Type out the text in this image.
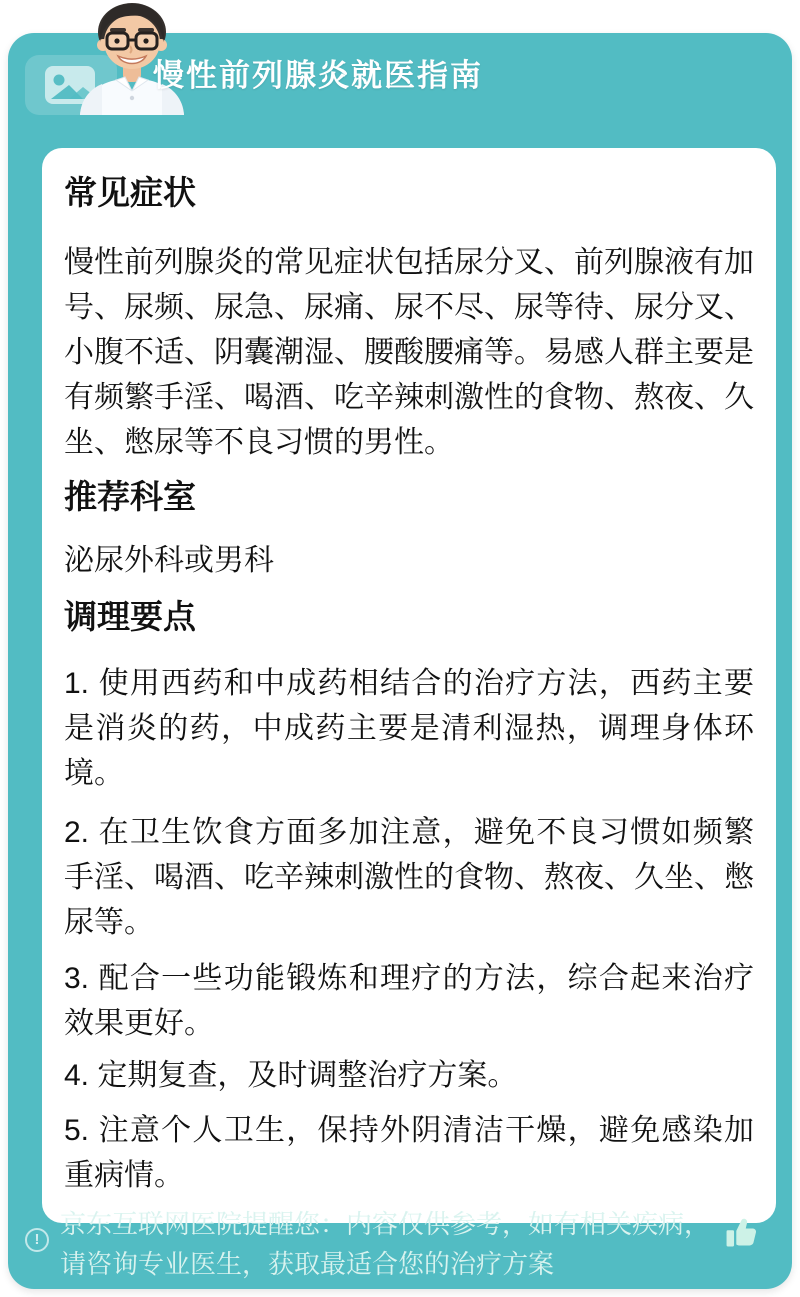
常见症状

慢性前列腺炎的常见症状包括尿分叉、前列腺液有加号、尿频、尿急、尿痛、尿不尽、尿等待、尿分叉、小腹不适、阴囊潮湿、腰酸腰痛等。易感人群主要是有频繁手淫、喝酒、吃辛辣刺激性的食物、熬夜、久坐、憋尿等不良习惯的男性。

推荐科室

泌尿外科或男科

调理要点

1. 使用西药和中成药相结合的治疗方法，西药主要是消炎的药，中成药主要是清利湿热，调理身体环境。

2. 在卫生饮食方面多加注意，避免不良习惯如频繁手淫、喝酒、吃辛辣刺激性的食物、熬夜、久坐、憋尿等。

3. 配合一些功能锻炼和理疗的方法，综合起来治疗效果更好。

4. 定期复查，及时调整治疗方案。

5. 注意个人卫生，保持外阴清洁干燥，避免感染加重病情。

慢性前列腺炎就医指南
!
京东互联网医院提醒您：内容仅供参考，如有相关疾病，请咨询专业医生，获取最适合您的治疗方案
